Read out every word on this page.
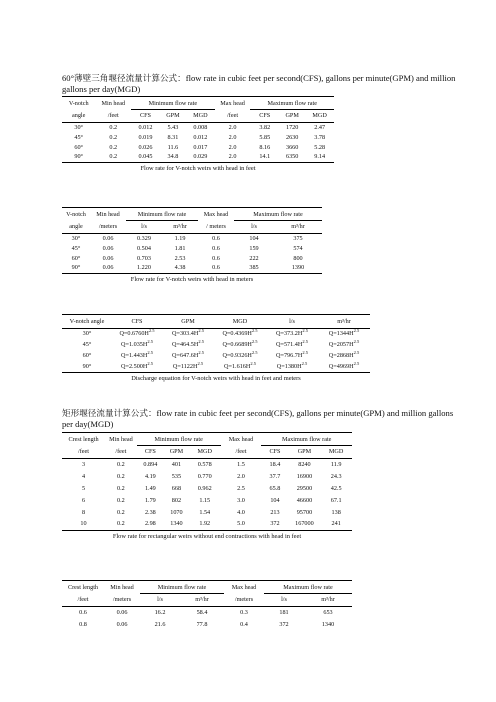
60°薄壁三角堰径流量计算公式：flow rate in cubic feet per second(CFS), gallons per minute(GPM) and million gallons per day(MGD)
V-notch	Min head	Minimum flow rate			Max head	Maximum flow rate		
angle	/feet	CFS	GPM	MGD	/feet	CFS	GPM	MGD
30°	0.2	0.012	5.43	0.008	2.0	3.82	1720	2.47
45°	0.2	0.019	8.31	0.012	2.0	5.85	2630	3.78
60°	0.2	0.026	11.6	0.017	2.0	8.16	3660	5.28
90°	0.2	0.045	34.8	0.029	2.0	14.1	6350	9.14
Flow rate for V-notch weirs with head in feet								
V-notch	Min head	Minimum flow rate		Max head	Maximum flow rate	
angle	/meters	l/s	m³/hr	/ meters	l/s	m³/hr
30°	0.06	0.329	1.19	0.6	104	375
45°	0.06	0.504	1.81	0.6	159	574
60°	0.06	0.703	2.53	0.6	222	800
90°	0.06	1.220	4.38	0.6	385	1390
Flow rate for V-notch weirs with head in meters						
V-notch angle	CFS	GPM	MGD	l/s	m³/hr
30°	$Q=0.6760H^{2.5}$	$Q=303.4H^{2.5}$	$Q=0.4369H^{2.5}$	$Q=373.2H^{2.5}$	$Q=1344H^{2.5}$
45°	$Q=1.035H^{2.5}$	$Q=464.5H^{2.5}$	$Q=0.6689H^{2.5}$	$Q=571.4H^{2.5}$	$Q=2057H^{2.5}$
60°	$Q=1.443H^{2.5}$	$Q=647.6H^{2.5}$	$Q=0.9326H^{2.5}$	$Q=796.7H^{2.5}$	$Q=2868H^{2.5}$
90°	$Q=2.500H^{2.5}$	$Q=1122H^{2.5}$	$Q=1.616H^{2.5}$	$Q=1380H^{2.5}$	$Q=4969H^{2.5}$
Discharge equation for V-notch weirs with head in feet and meters					
矩形堰径流量计算公式：flow rate in cubic feet per second(CFS), gallons per minute(GPM) and million gallons per day(MGD)
Crest length	Min head	Minimum flow rate			Max head	Maximum flow rate		
/feet	/feet	CFS	GPM	MGD	/feet	CFS	GPM	MGD
3	0.2	0.894	401	0.578	1.5	18.4	8240	11.9
4	0.2	4.19	535	0.770	2.0	37.7	16900	24.3
5	0.2	1.49	668	0.962	2.5	65.8	29500	42.5
6	0.2	1.79	802	1.15	3.0	104	46600	67.1
8	0.2	2.38	1070	1.54	4.0	213	95700	138
10	0.2	2.98	1340	1.92	5.0	372	167000	241
Flow rate for rectangular weirs without end contractions with head in feet								
Crest length	Min head	Minimum flow rate		Max head	Maximum flow rate	
/feet	/meters	l/s	m³/hr	/meters	l/s	m³/hr
0.6	0.06	16.2	58.4	0.3	181	653
0.8	0.06	21.6	77.8	0.4	372	1340
